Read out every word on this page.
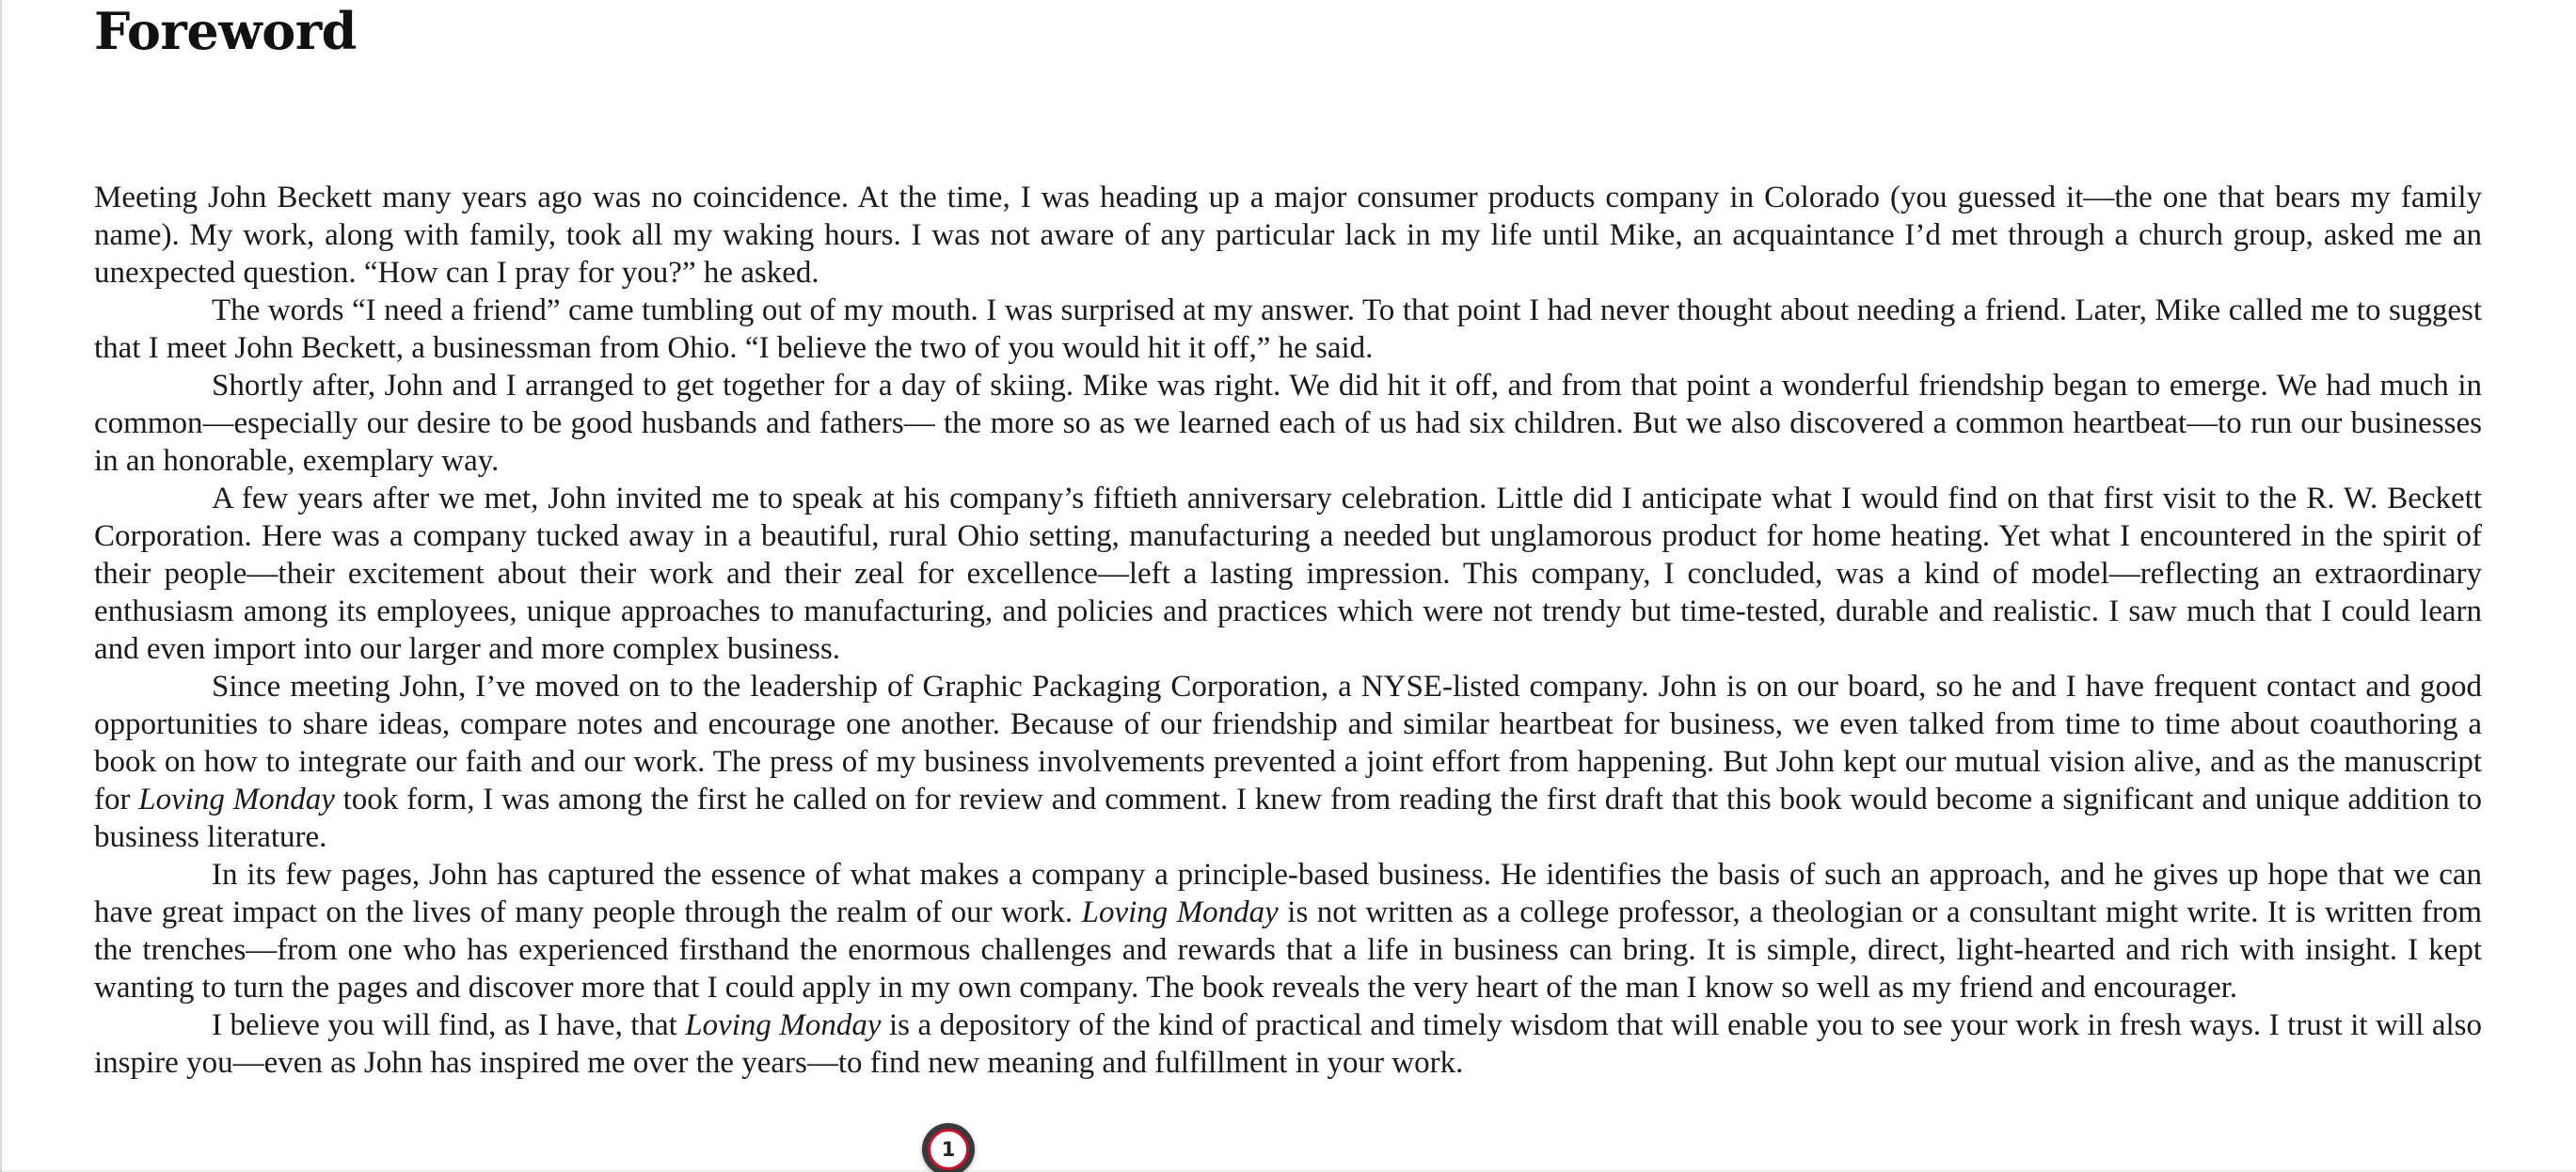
Foreword

Meeting John Beckett many years ago was no coincidence. At the time, I was heading up a major consumer products company in Colorado (you guessed it—the one that bears my family name). My work, along with family, took all my waking hours. I was not aware of any particular lack in my life until Mike, an acquaintance I’d met through a church group, asked me an unexpected question. “How can I pray for you?” he asked.

The words “I need a friend” came tumbling out of my mouth. I was surprised at my answer. To that point I had never thought about needing a friend. Later, Mike called me to suggest that I meet John Beckett, a businessman from Ohio. “I believe the two of you would hit it off,” he said.

Shortly after, John and I arranged to get together for a day of skiing. Mike was right. We did hit it off, and from that point a wonderful friendship began to emerge. We had much in common—especially our desire to be good husbands and fathers— the more so as we learned each of us had six children. But we also discovered a common heartbeat—to run our businesses in an honorable, exemplary way.

A few years after we met, John invited me to speak at his company’s fiftieth anniversary celebration. Little did I anticipate what I would find on that first visit to the R. W. Beckett Corporation. Here was a company tucked away in a beautiful, rural Ohio setting, manufacturing a needed but unglamorous product for home heating. Yet what I encountered in the spirit of their people—their excitement about their work and their zeal for excellence—left a lasting impression. This company, I concluded, was a kind of model—reflecting an extraordinary enthusiasm among its employees, unique approaches to manufacturing, and policies and practices which were not trendy but time-tested, durable and realistic. I saw much that I could learn and even import into our larger and more complex business.

Since meeting John, I’ve moved on to the leadership of Graphic Packaging Corporation, a NYSE-listed company. John is on our board, so he and I have frequent contact and good opportunities to share ideas, compare notes and encourage one another. Because of our friendship and similar heartbeat for business, we even talked from time to time about coauthoring a book on how to integrate our faith and our work. The press of my business involvements prevented a joint effort from happening. But John kept our mutual vision alive, and as the manuscript for Loving Monday took form, I was among the first he called on for review and comment. I knew from reading the first draft that this book would become a significant and unique addition to business literature.

In its few pages, John has captured the essence of what makes a company a principle-based business. He identifies the basis of such an approach, and he gives up hope that we can have great impact on the lives of many people through the realm of our work. Loving Monday is not written as a college professor, a theologian or a consultant might write. It is written from the trenches—from one who has experienced firsthand the enormous challenges and rewards that a life in business can bring. It is simple, direct, light-hearted and rich with insight. I kept wanting to turn the pages and discover more that I could apply in my own company. The book reveals the very heart of the man I know so well as my friend and encourager.

I believe you will find, as I have, that Loving Monday is a depository of the kind of practical and timely wisdom that will enable you to see your work in fresh ways. I trust it will also inspire you—even as John has inspired me over the years—to find new meaning and fulfillment in your work.

1
